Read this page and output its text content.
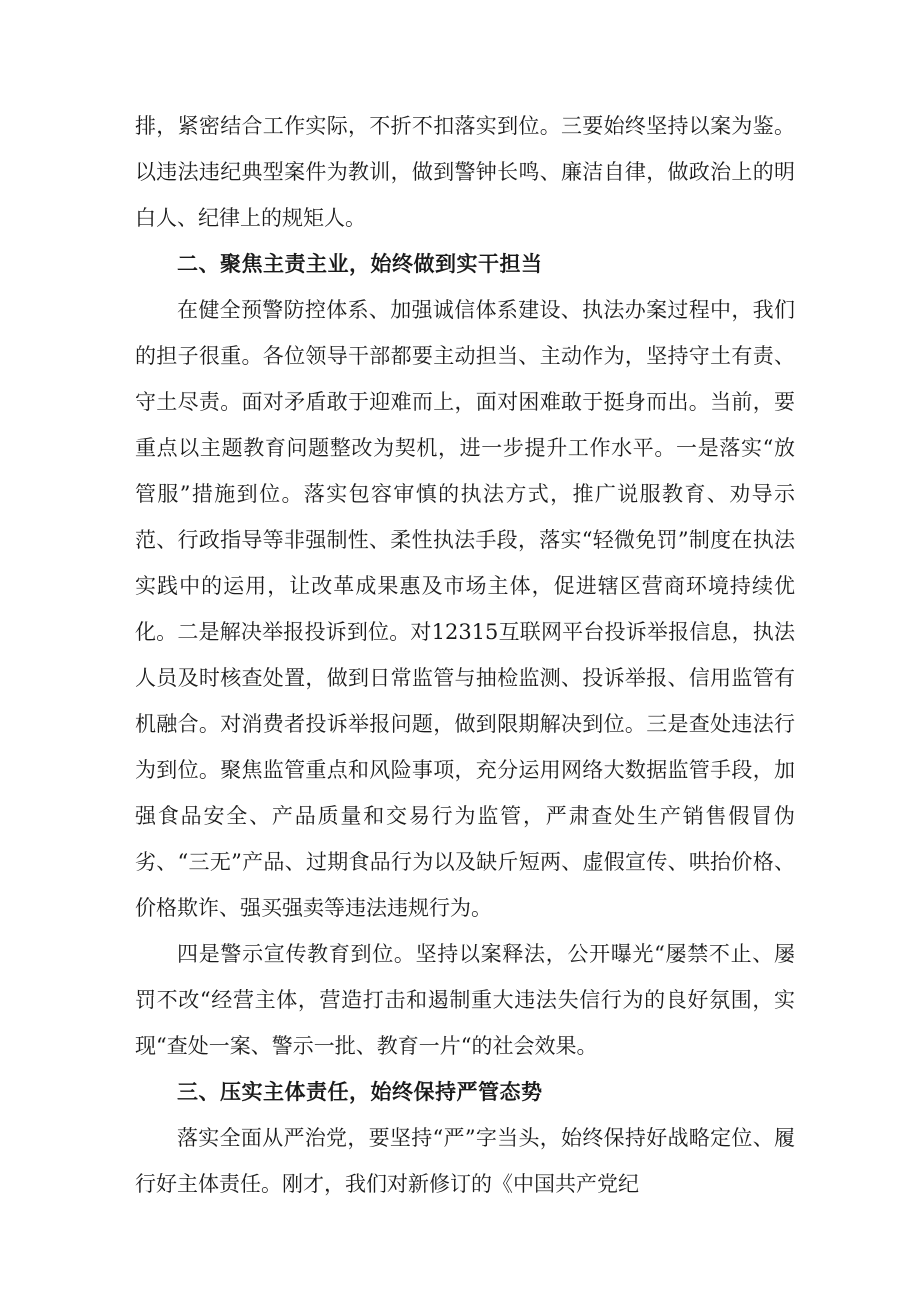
排，紧密结合工作实际，不折不扣落实到位。三要始终坚持以案为鉴。以违法违纪典型案件为教训，做到警钟长鸣、廉洁自律，做政治上的明白人、纪律上的规矩人。

二、聚焦主责主业，始终做到实干担当

在健全预警防控体系、加强诚信体系建设、执法办案过程中，我们的担子很重。各位领导干部都要主动担当、主动作为，坚持守土有责、守土尽责。面对矛盾敢于迎难而上，面对困难敢于挺身而出。当前，要重点以主题教育问题整改为契机，进一步提升工作水平。一是落实“放管服”措施到位。落实包容审慎的执法方式，推广说服教育、劝导示范、行政指导等非强制性、柔性执法手段，落实“轻微免罚”制度在执法实践中的运用，让改革成果惠及市场主体，促进辖区营商环境持续优化。二是解决举报投诉到位。对12315互联网平台投诉举报信息，执法人员及时核查处置，做到日常监管与抽检监测、投诉举报、信用监管有机融合。对消费者投诉举报问题，做到限期解决到位。三是查处违法行为到位。聚焦监管重点和风险事项，充分运用网络大数据监管手段，加强食品安全、产品质量和交易行为监管，严肃查处生产销售假冒伪劣、“三无”产品、过期食品行为以及缺斤短两、虚假宣传、哄抬价格、价格欺诈、强买强卖等违法违规行为。

四是警示宣传教育到位。坚持以案释法，公开曝光“屡禁不止、屡罚不改“经营主体，营造打击和遏制重大违法失信行为的良好氛围，实现“查处一案、警示一批、教育一片“的社会效果。

三、压实主体责任，始终保持严管态势

落实全面从严治党，要坚持“严”字当头，始终保持好战略定位、履行好主体责任。刚才，我们对新修订的《中国共产党纪
